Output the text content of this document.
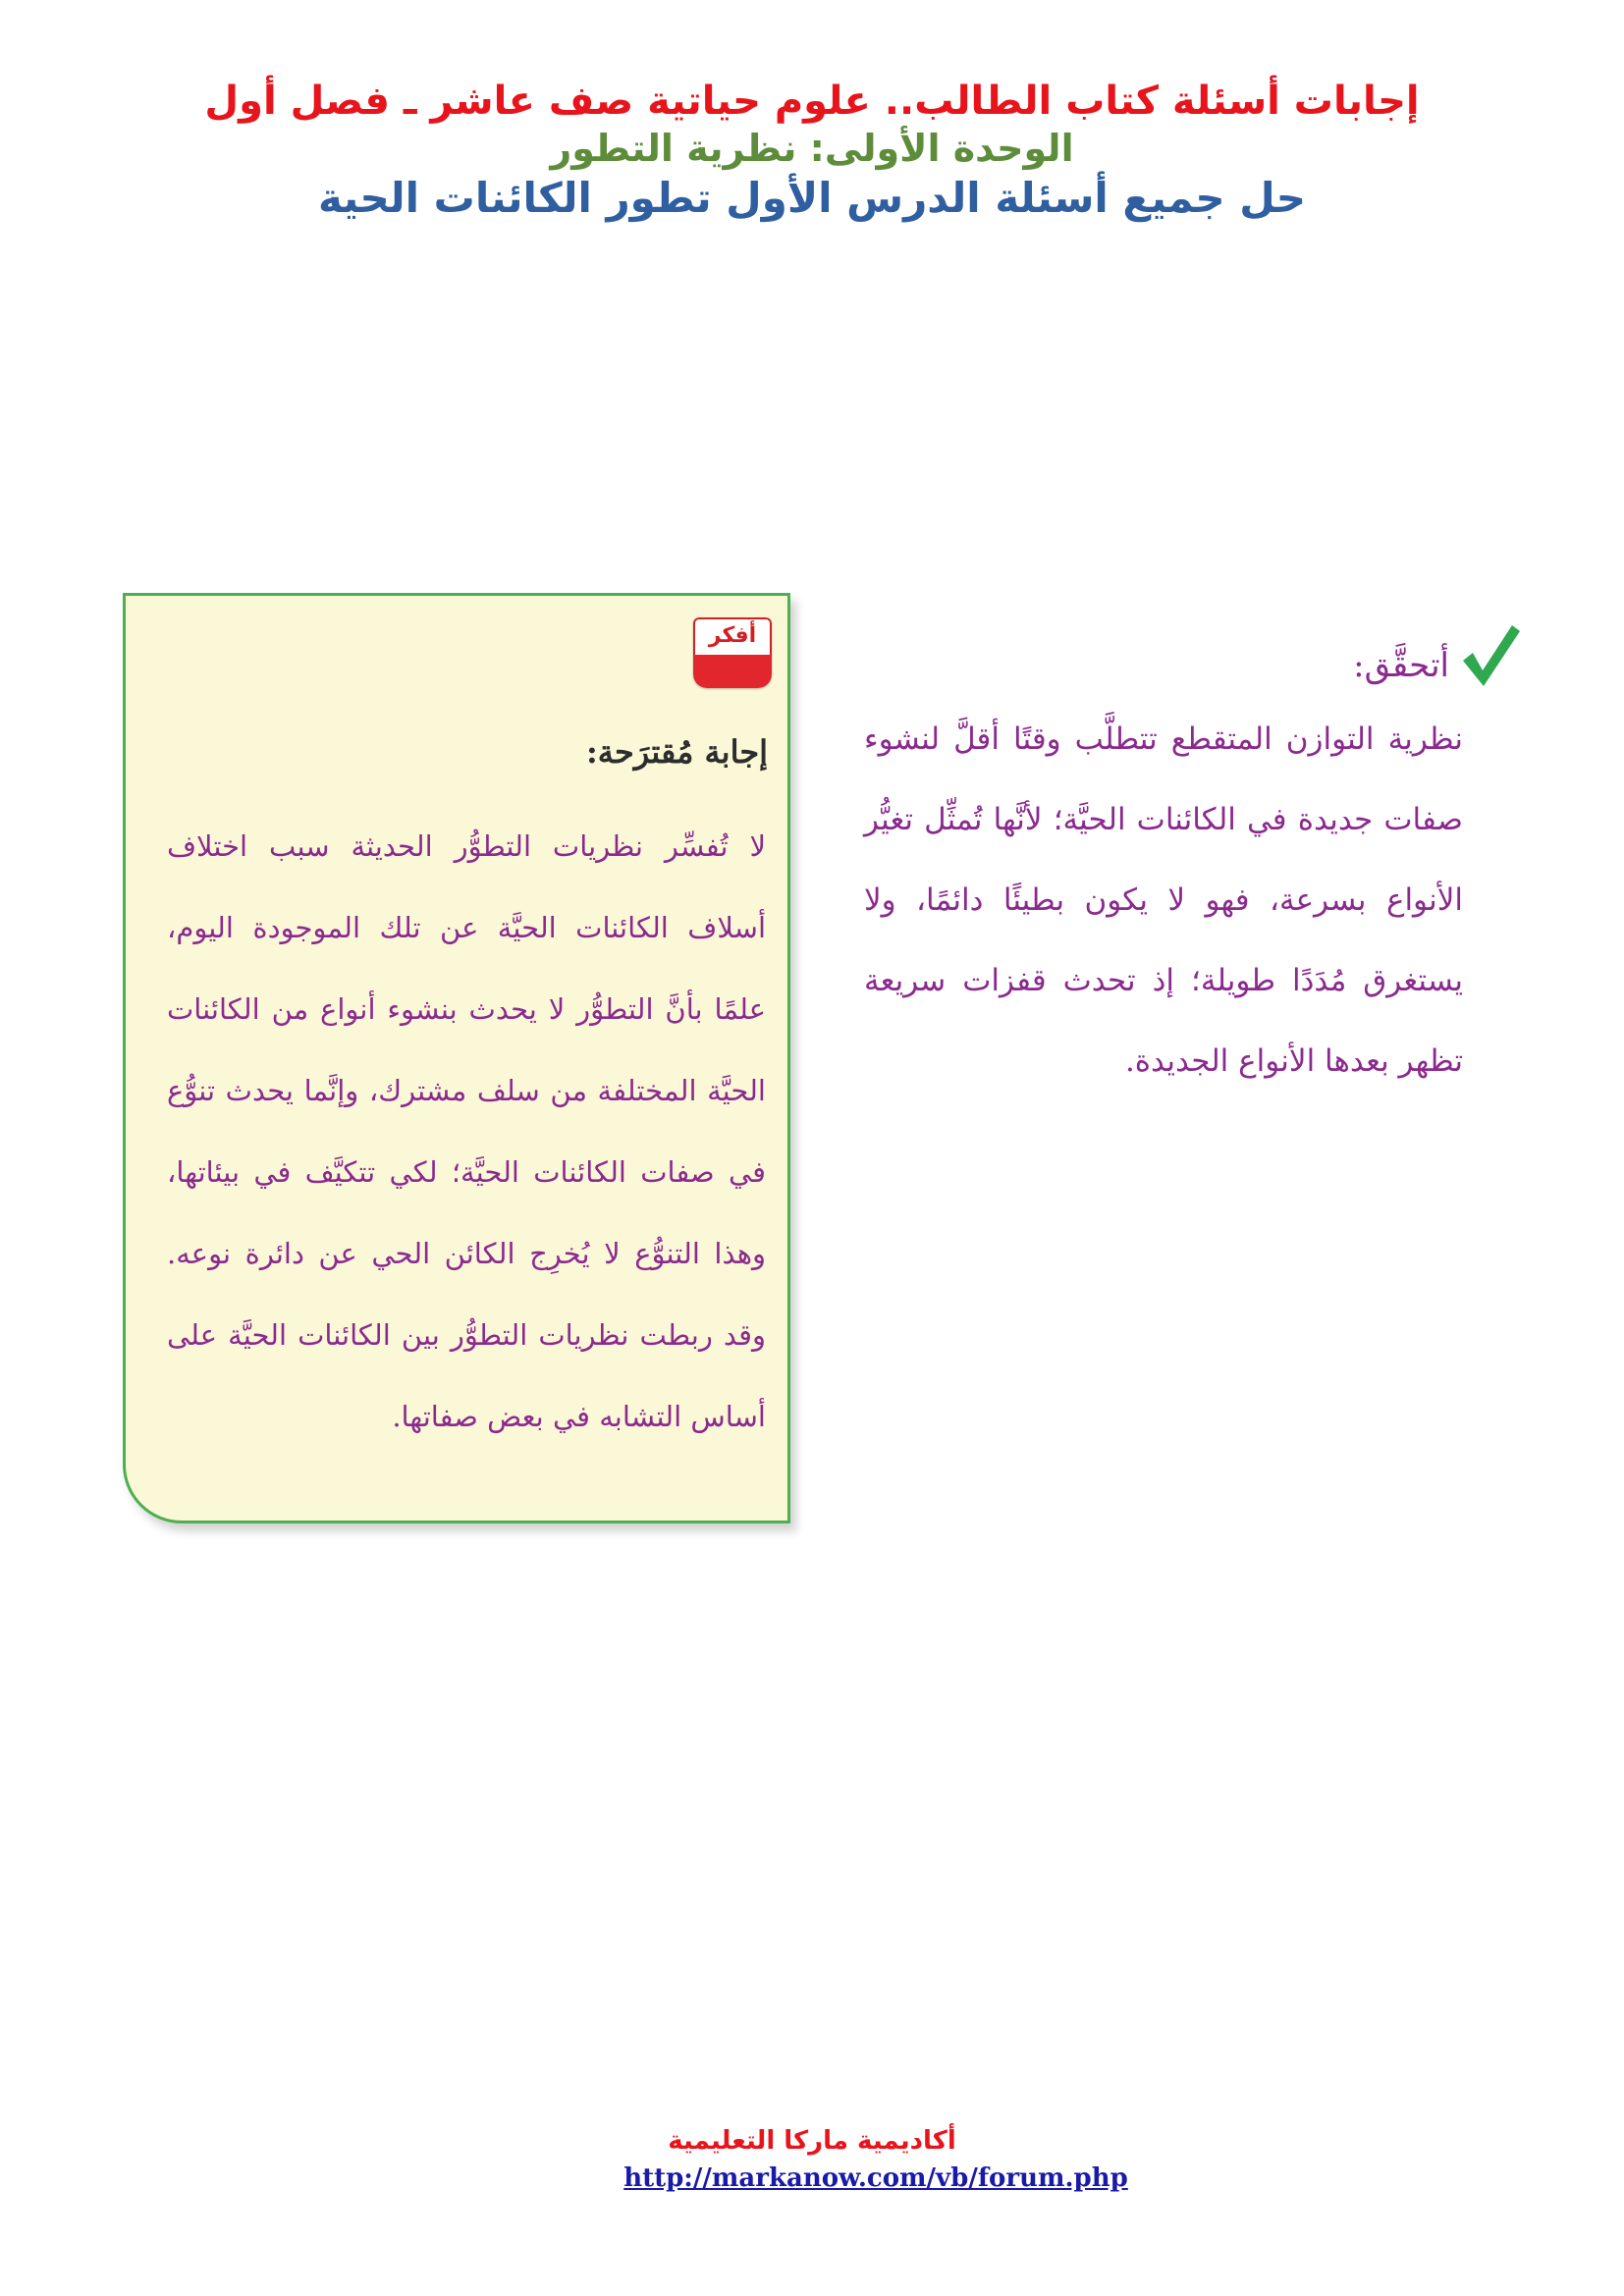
إجابات أسئلة كتاب الطالب.. علوم حياتية صف عاشر ـ فصل أول

الوحدة الأولى: نظرية التطور

حل جميع أسئلة الدرس الأول تطور الكائنات الحية

أتحقَّق:

نظرية التوازن المتقطع تتطلَّب وقتًا أقلَّ لنشوء صفات جديدة في الكائنات الحيَّة؛ لأنَّها تُمثِّل تغيُّر الأنواع بسرعة، فهو لا يكون بطيئًا دائمًا، ولا يستغرق مُدَدًا طويلة؛ إذ تحدث قفزات سريعة تظهر بعدها الأنواع الجديدة.

أفكر
إجابة مُقترَحة:

لا تُفسِّر نظريات التطوُّر الحديثة سبب اختلاف أسلاف الكائنات الحيَّة عن تلك الموجودة اليوم، علمًا بأنَّ التطوُّر لا يحدث بنشوء أنواع من الكائنات الحيَّة المختلفة من سلف مشترك، وإنَّما يحدث تنوُّع في صفات الكائنات الحيَّة؛ لكي تتكيَّف في بيئاتها، وهذا التنوُّع لا يُخرِج الكائن الحي عن دائرة نوعه. وقد ربطت نظريات التطوُّر بين الكائنات الحيَّة على أساس التشابه في بعض صفاتها.

أكاديمية ماركا التعليمية

http://markanow.com/vb/forum.php
